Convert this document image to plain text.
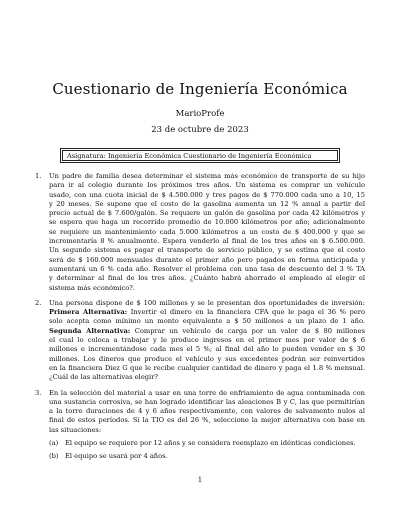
Cuestionario de Ingeniería Económica
MarioProfe
23 de octubre de 2023
Asignatura: Ingeniería Económica Cuestionario de Ingeniería Económica
1. Un padre de familia desea determinar el sistema más económico de transporte de su hijo
para ir al colegio durante los próximos tres años. Un sistema es comprar un vehículo
usado, con una cuota inicial de $ 4.500.000 y tres pagos de $ 770.000 cada uno a 10, 15
y 20 meses. Se supone que el costo de la gasolina aumenta un 12 % anual a partir del
precio actual de $ 7.600/galón. Se requiere un galón de gasolina por cada 42 kilómetros y
se espera que haga un recorrido promedio de 10.000 kilómetros por año; adicionalmente
se requiere un mantenimiento cada 5.000 kilómetros a un costo de $ 400.000 y que se
incrementaría 8 % anualmente. Espera venderlo al final de los tres años en $ 6.500.000.
Un segundo sistema es pagar el transporte de servicio público, y se estima que el costo
será de $ 160.000 mensuales durante el primer año pero pagados en forma anticipada y
aumentará un 6 % cada año. Resolver el problema con una tasa de descuento del 3 % TA
y determinar al final de los tres años. ¿Cuánto habrá ahorrado el empleado al elegir el
sistema más económico?.
2. Una persona dispone de $ 100 millones y se le presentan dos oportunidades de inversión:
Primera Alternativa: Invertir el dinero en la financiera CFA que le paga el 36 % pero
solo acepta como mínimo un monto equivalente a $ 50 millones a un plazo de 1 año.
Segunda Alternativa: Comprar un vehículo de carga por un valor de $ 80 millones
el cual lo coloca a trabajar y le produce ingresos en el primer mes por valor de $ 6
millones e incrementándose cada mes el 5 %; al final del año lo pueden vender en $ 30
millones. Los dineros que produce el vehículo y sus excedentes podrán ser reinvertidos
en la financiera Diez G que le recibe cualquier cantidad de dinero y paga el 1.8 % mensual.
¿Cuál de las alternativas elegir?
3. En la selección del material a usar en una torre de enfriamiento de agua contaminada con
una sustancia corrosiva, se han logrado identificar las aleaciones B y C, las que permitirían
a la torre duraciones de 4 y 6 años respectivamente, con valores de salvamento nulos al
final de estos períodos. Si la TIO es del 26 %, seleccione la mejor alternativa con base en
las situaciones:
(a) El equipo se requiere por 12 años y se considera reemplazo en idénticas condiciones.
(b) El equipo se usará por 4 años.
1
